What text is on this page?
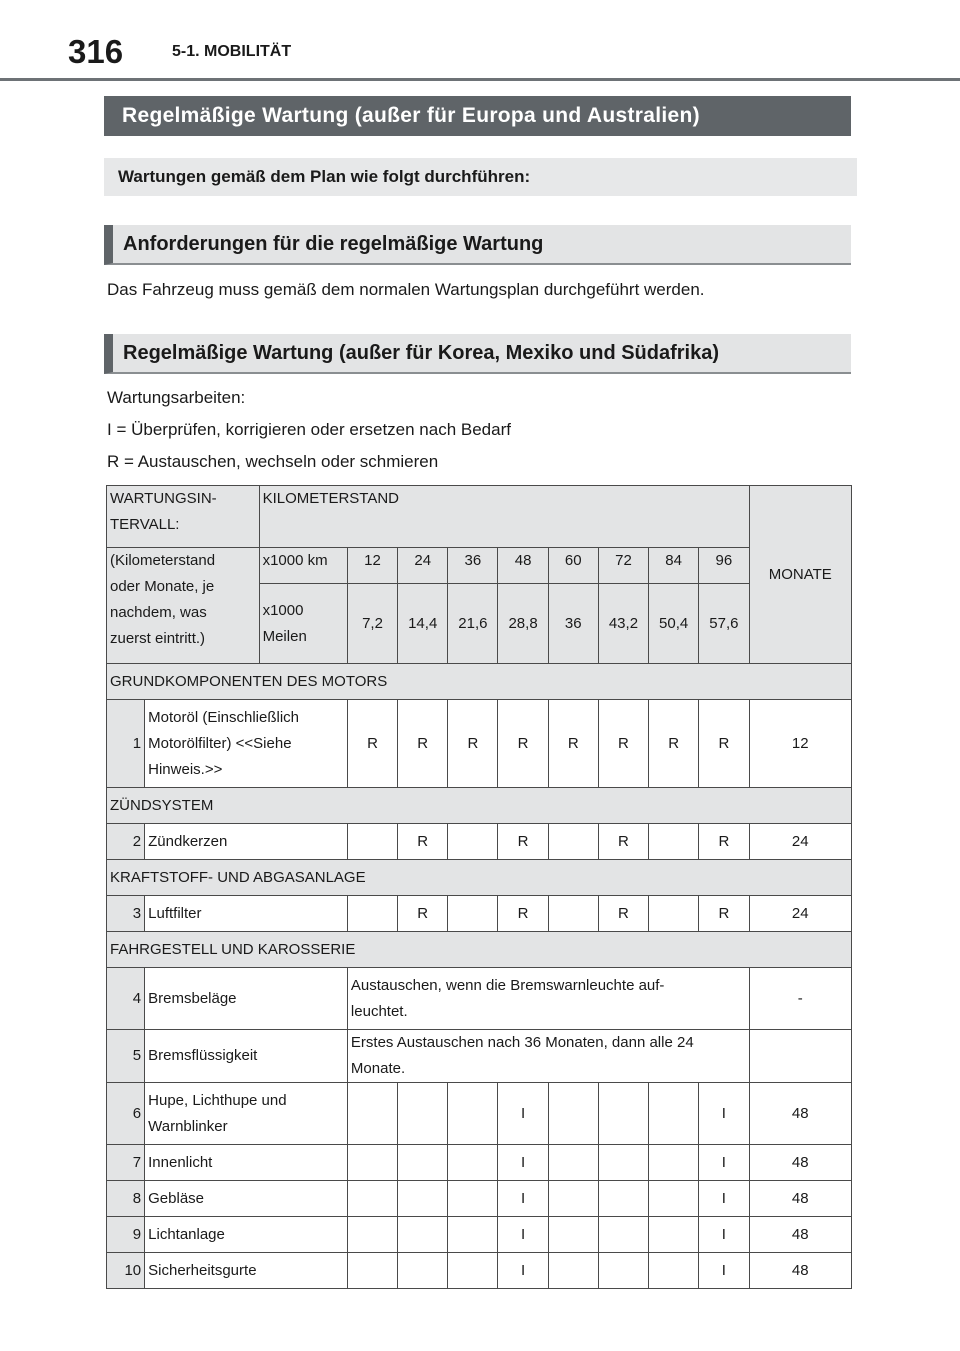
316	5-1. MOBILITÄT
Regelmäßige Wartung (außer für Europa und Australien)
Wartungen gemäß dem Plan wie folgt durchführen:
Anforderungen für die regelmäßige Wartung

Das Fahrzeug muss gemäß dem normalen Wartungsplan durchgeführt werden.

Regelmäßige Wartung (außer für Korea, Mexiko und Südafrika)

Wartungsarbeiten:

I = Überprüfen, korrigieren oder ersetzen nach Bedarf

R = Austauschen, wechseln oder schmieren

WARTUNGSIN-
TERVALL:		KILOMETERSTAND									MONATE
(Kilometerstand
oder Monate, je
nachdem, was
zuerst eintritt.)		x1000 km	12	24	36	48	60	72	84	96	
		x1000
Meilen	7,2	14,4	21,6	28,8	36	43,2	50,4	57,6	
GRUNDKOMPONENTEN DES MOTORS											
1	Motoröl (Einschließlich
Motorölfilter) <<Siehe
Hinweis.>>		R	R	R	R	R	R	R	R	12
ZÜNDSYSTEM											
2	Zündkerzen			R		R		R		R	24
KRAFTSTOFF- UND ABGASANLAGE											
3	Luftfilter			R		R		R		R	24
FAHRGESTELL UND KAROSSERIE											
4	Bremsbeläge		Austauschen, wenn die Bremswarnleuchte auf-
leuchtet.								-
5	Bremsflüssigkeit		Erstes Austauschen nach 36 Monaten, dann alle 24 Monate.								
6	Hupe, Lichthupe und
Warnblinker					I				I	48
7	Innenlicht					I				I	48
8	Gebläse					I				I	48
9	Lichtanlage					I				I	48
10	Sicherheitsgurte					I				I	48
